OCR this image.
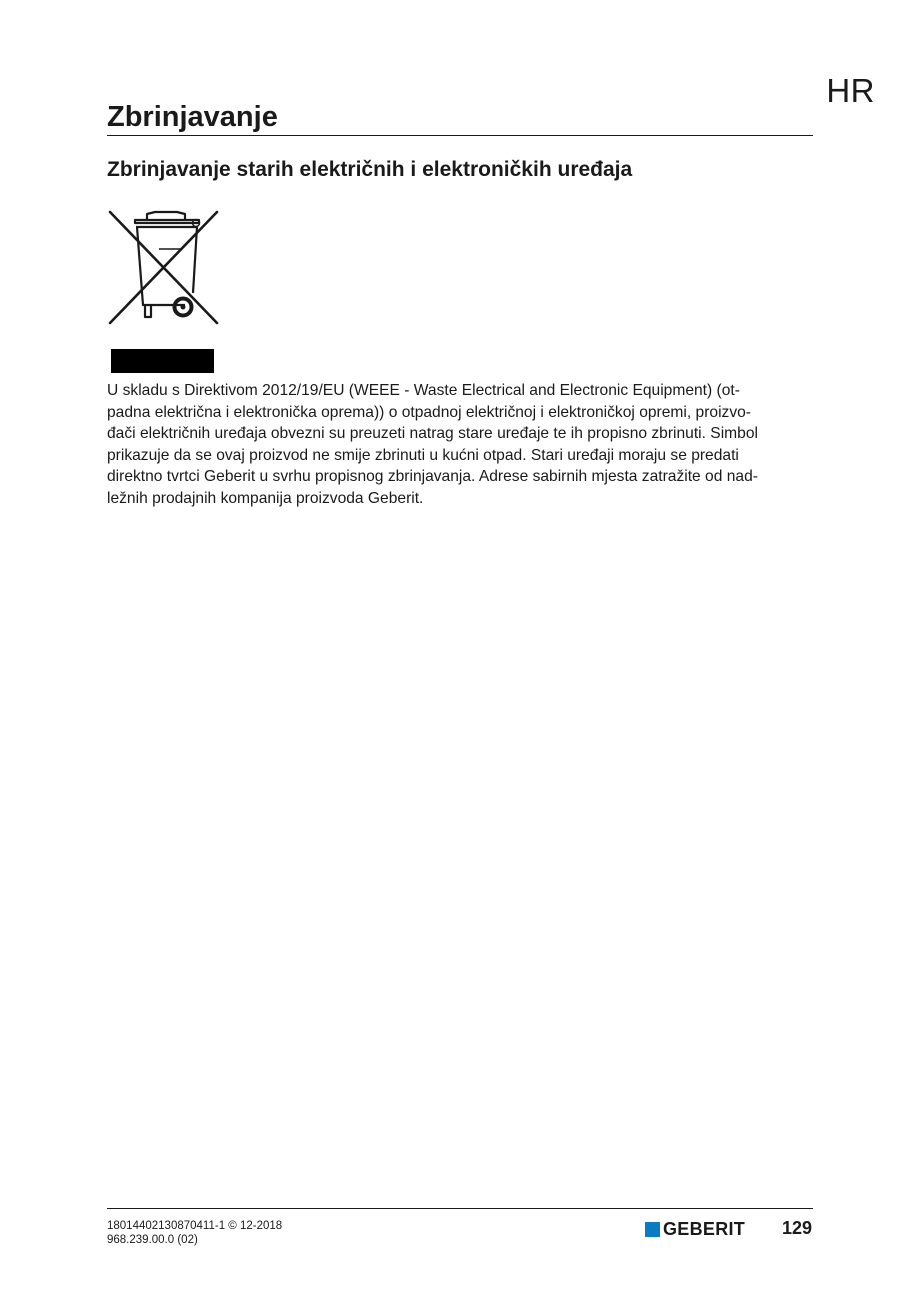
HR
Zbrinjavanje
Zbrinjavanje starih električnih i elektroničkih uređaja

U skladu s Direktivom 2012/19/EU (WEEE - Waste Electrical and Electronic Equipment) (ot-
padna električna i elektronička oprema)) o otpadnoj električnoj i elektroničkoj opremi, proizvo-
đači električnih uređaja obvezni su preuzeti natrag stare uređaje te ih propisno zbrinuti. Simbol
prikazuje da se ovaj proizvod ne smije zbrinuti u kućni otpad. Stari uređaji moraju se predati
direktno tvrtci Geberit u svrhu propisnog zbrinjavanja. Adrese sabirnih mjesta zatražite od nad-
ležnih prodajnih kompanija proizvoda Geberit.

18014402130870411-1 © 12-2018
968.239.00.0 (02)
GEBERIT 129
